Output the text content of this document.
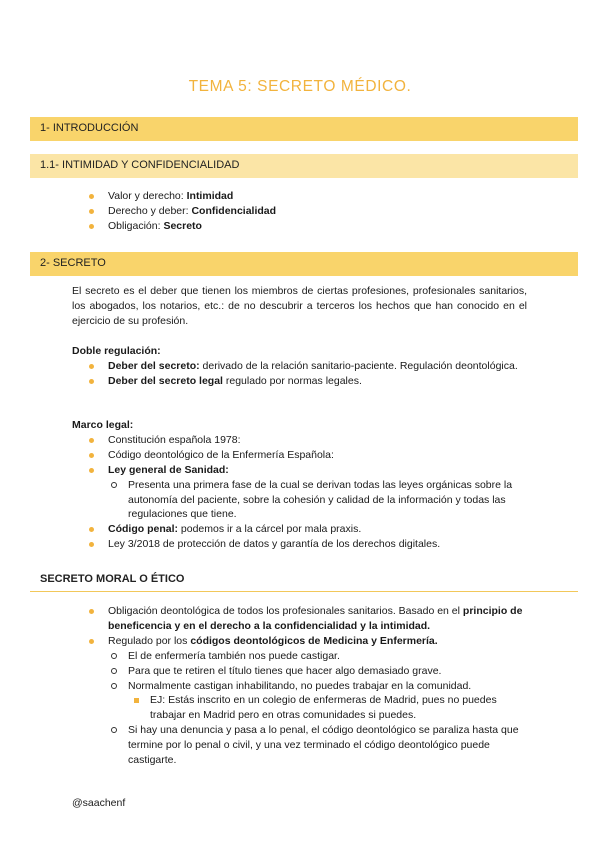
TEMA 5: SECRETO MÉDICO.
1- INTRODUCCIÓN
1.1- INTIMIDAD Y CONFIDENCIALIDAD
Valor y derecho: Intimidad
Derecho y deber: Confidencialidad
Obligación: Secreto
2- SECRETO
El secreto es el deber que tienen los miembros de ciertas profesiones, profesionales sanitarios, los abogados, los notarios, etc.: de no descubrir a terceros los hechos que han conocido en el ejercicio de su profesión.
Doble regulación:
Deber del secreto: derivado de la relación sanitario-paciente. Regulación deontológica.
Deber del secreto legal regulado por normas legales.
Marco legal:
Constitución española 1978:
Código deontológico de la Enfermería Española:
Ley general de Sanidad:
Presenta una primera fase de la cual se derivan todas las leyes orgánicas sobre la autonomía del paciente, sobre la cohesión y calidad de la información y todas las regulaciones que tiene.
Código penal: podemos ir a la cárcel por mala praxis.
Ley 3/2018 de protección de datos y garantía de los derechos digitales.
SECRETO MORAL O ÉTICO
Obligación deontológica de todos los profesionales sanitarios. Basado en el principio de beneficencia y en el derecho a la confidencialidad y la intimidad.
Regulado por los códigos deontológicos de Medicina y Enfermería.
El de enfermería también nos puede castigar.
Para que te retiren el título tienes que hacer algo demasiado grave.
Normalmente castigan inhabilitando, no puedes trabajar en la comunidad.
EJ: Estás inscrito en un colegio de enfermeras de Madrid, pues no puedes trabajar en Madrid pero en otras comunidades si puedes.
Si hay una denuncia y pasa a lo penal, el código deontológico se paraliza hasta que termine por lo penal o civil, y una vez terminado el código deontológico puede castigarte.
@saachenf
